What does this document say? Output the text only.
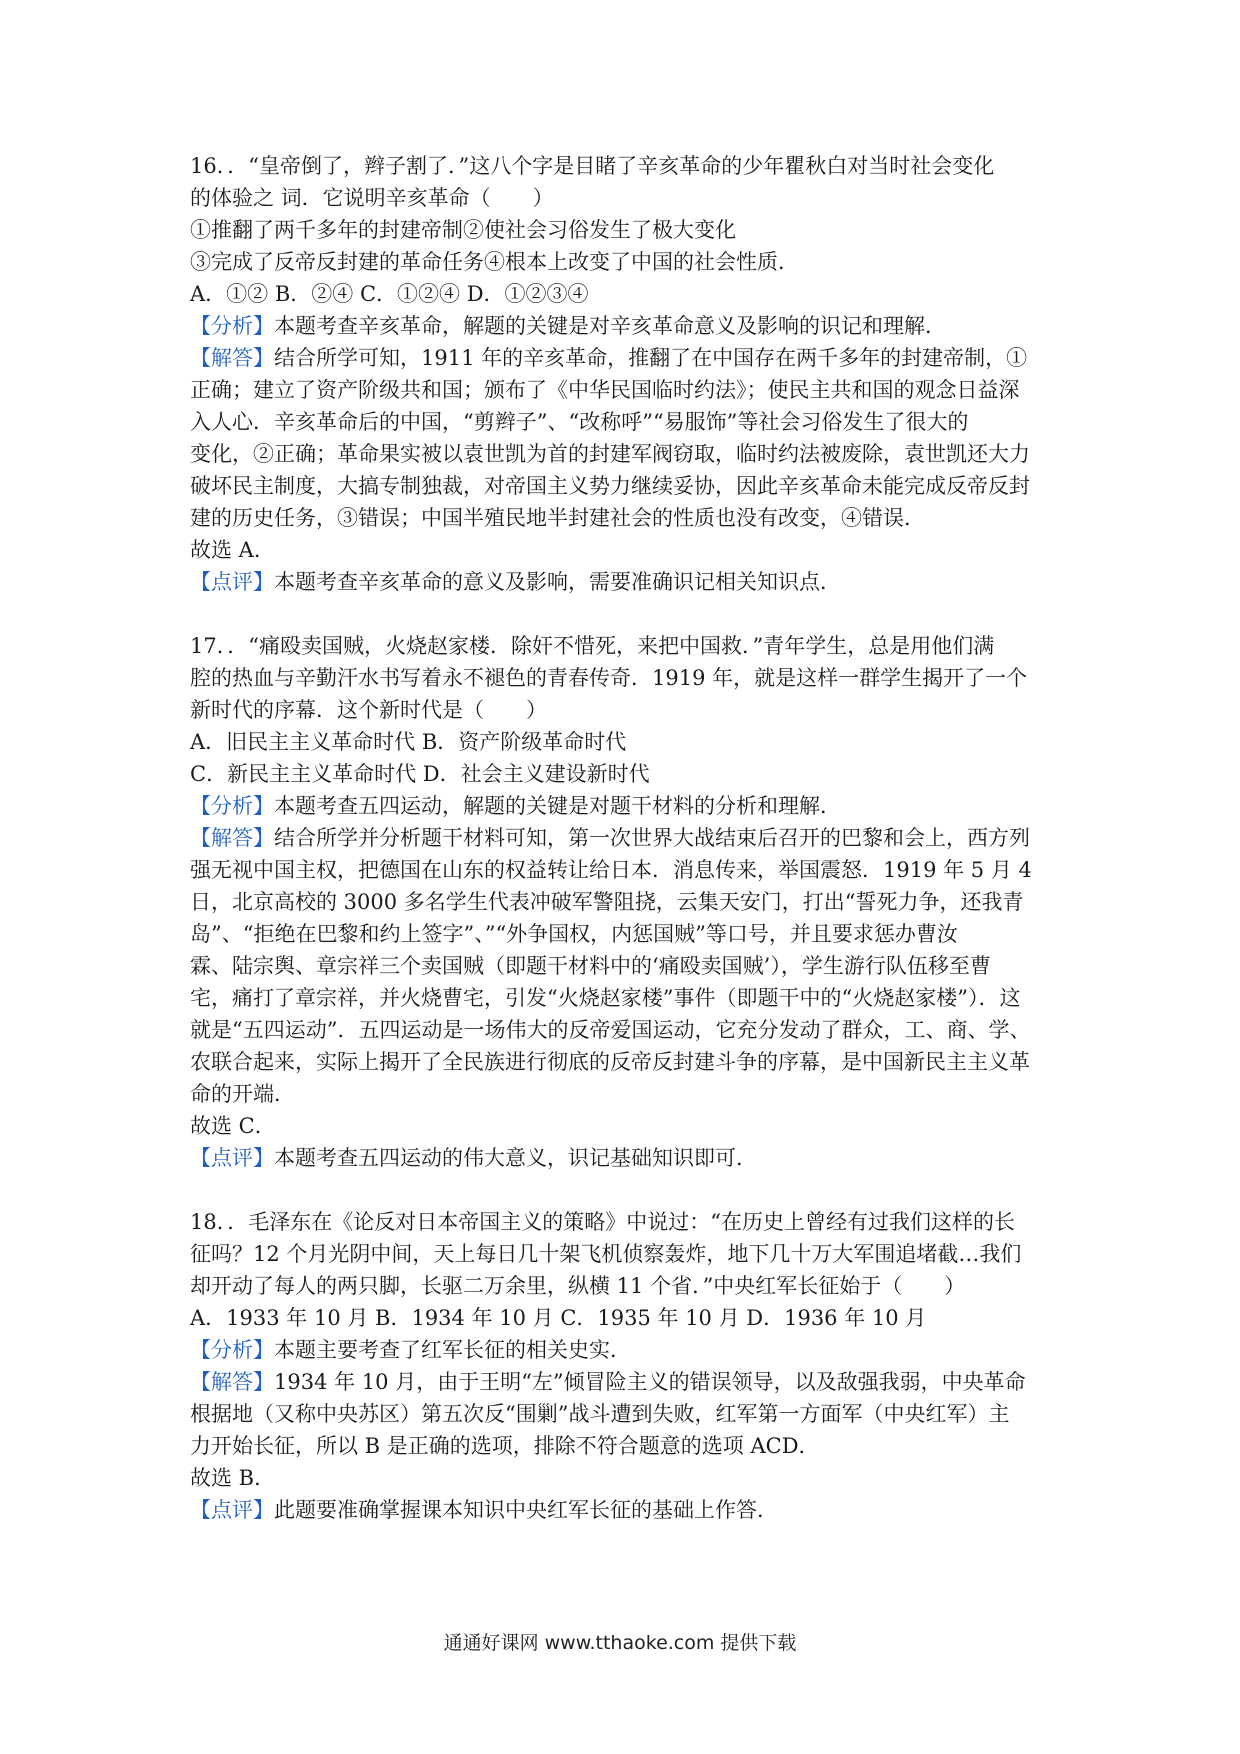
16．．“皇帝倒了，辫子割了．”这八个字是目睹了辛亥革命的少年瞿秋白对当时社会变化
的体验之 词．它说明辛亥革命（　　）
①推翻了两千多年的封建帝制②使社会习俗发生了极大变化
③完成了反帝反封建的革命任务④根本上改变了中国的社会性质．
A．①② B．②④ C．①②④ D．①②③④
【分析】本题考查辛亥革命，解题的关键是对辛亥革命意义及影响的识记和理解．
【解答】结合所学可知，1911 年的辛亥革命，推翻了在中国存在两千多年的封建帝制，①
正确；建立了资产阶级共和国；颁布了《中华民国临时约法》；使民主共和国的观念日益深
入人心．辛亥革命后的中国，“剪辫子”、“改称呼”“易服饰”等社会习俗发生了很大的
变化，②正确；革命果实被以袁世凯为首的封建军阀窃取，临时约法被废除，袁世凯还大力
破坏民主制度，大搞专制独裁，对帝国主义势力继续妥协，因此辛亥革命未能完成反帝反封
建的历史任务，③错误；中国半殖民地半封建社会的性质也没有改变，④错误．
故选 A．
【点评】本题考查辛亥革命的意义及影响，需要准确识记相关知识点．
17．．“痛殴卖国贼，火烧赵家楼．除奸不惜死，来把中国救．”青年学生，总是用他们满
腔的热血与辛勤汗水书写着永不褪色的青春传奇．1919 年，就是这样一群学生揭开了一个
新时代的序幕．这个新时代是（　　）
A．旧民主主义革命时代 B．资产阶级革命时代
C．新民主主义革命时代 D．社会主义建设新时代
【分析】本题考查五四运动，解题的关键是对题干材料的分析和理解．
【解答】结合所学并分析题干材料可知，第一次世界大战结束后召开的巴黎和会上，西方列
强无视中国主权，把德国在山东的权益转让给日本．消息传来，举国震怒．1919 年 5 月 4
日，北京高校的 3000 多名学生代表冲破军警阻挠，云集天安门，打出“誓死力争，还我青
岛”、“拒绝在巴黎和约上签字”、”“外争国权，内惩国贼”等口号，并且要求惩办曹汝
霖、陆宗舆、章宗祥三个卖国贼（即题干材料中的‘痛殴卖国贼’），学生游行队伍移至曹
宅，痛打了章宗祥，并火烧曹宅，引发“火烧赵家楼”事件（即题干中的“火烧赵家楼”）．这
就是“五四运动”．五四运动是一场伟大的反帝爱国运动，它充分发动了群众，工、商、学、
农联合起来，实际上揭开了全民族进行彻底的反帝反封建斗争的序幕，是中国新民主主义革
命的开端．
故选 C．
【点评】本题考查五四运动的伟大意义，识记基础知识即可．
18．．毛泽东在《论反对日本帝国主义的策略》中说过：“在历史上曾经有过我们这样的长
征吗？12 个月光阴中间，天上每日几十架飞机侦察轰炸，地下几十万大军围追堵截…我们
却开动了每人的两只脚，长驱二万余里，纵横 11 个省．”中央红军长征始于（　　）
A．1933 年 10 月 B．1934 年 10 月 C．1935 年 10 月 D．1936 年 10 月
【分析】本题主要考查了红军长征的相关史实．
【解答】1934 年 10 月，由于王明“左”倾冒险主义的错误领导，以及敌强我弱，中央革命
根据地（又称中央苏区）第五次反“围剿”战斗遭到失败，红军第一方面军（中央红军）主
力开始长征，所以 B 是正确的选项，排除不符合题意的选项 ACD．
故选 B．
【点评】此题要准确掌握课本知识中央红军长征的基础上作答．
通通好课网 www.tthaoke.com 提供下载
